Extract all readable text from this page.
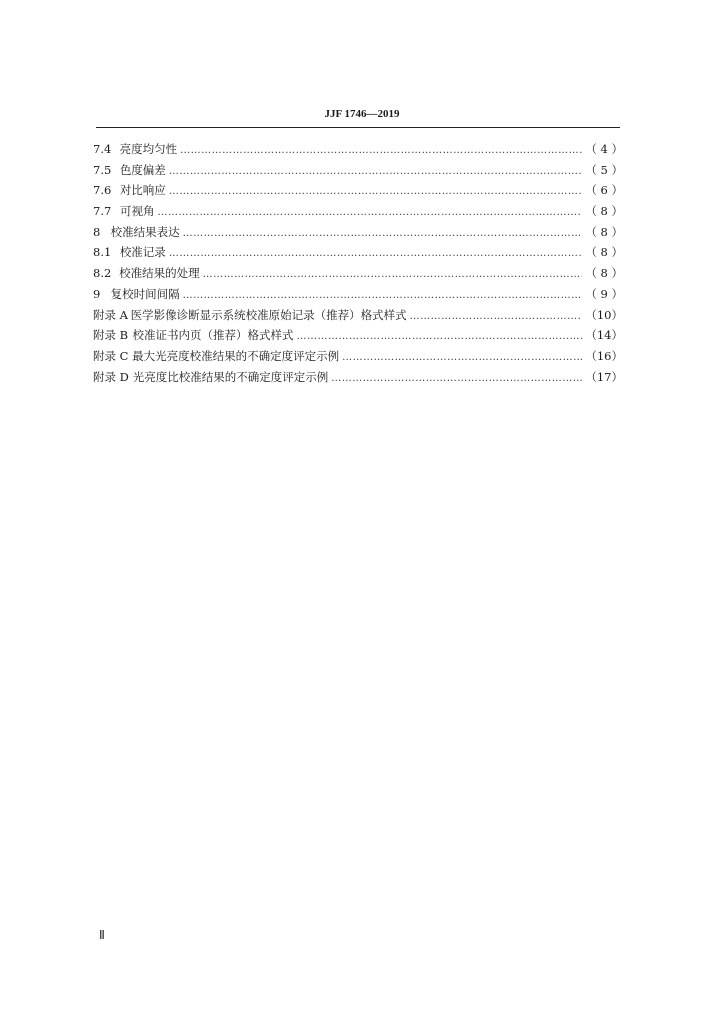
JJF 1746—2019
7.4 亮度均匀性 ……………………………………………………………………………………………………………………………………………………………………………………………………	（ 4 ）
7.5 色度偏差 ……………………………………………………………………………………………………………………………………………………………………………………………………	（ 5 ）
7.6 对比响应 ……………………………………………………………………………………………………………………………………………………………………………………………………	（ 6 ）
7.7 可视角 ……………………………………………………………………………………………………………………………………………………………………………………………………	（ 8 ）
8 校准结果表达 ……………………………………………………………………………………………………………………………………………………………………………………………………	（ 8 ）
8.1 校准记录 ……………………………………………………………………………………………………………………………………………………………………………………………………	（ 8 ）
8.2 校准结果的处理 ……………………………………………………………………………………………………………………………………………………………………………………………………	（ 8 ）
9 复校时间间隔 ……………………………………………………………………………………………………………………………………………………………………………………………………	（ 9 ）
附录 A 医学影像诊断显示系统校准原始记录（推荐）格式样式 ……………………………………………………………………………………………………………………………………………………………………………………………………	（10）
附录 B 校准证书内页（推荐）格式样式 ……………………………………………………………………………………………………………………………………………………………………………………………………	（14）
附录 C 最大光亮度校准结果的不确定度评定示例 ……………………………………………………………………………………………………………………………………………………………………………………………………	（16）
附录 D 光亮度比校准结果的不确定度评定示例 ……………………………………………………………………………………………………………………………………………………………………………………………………	（17）
Ⅱ
